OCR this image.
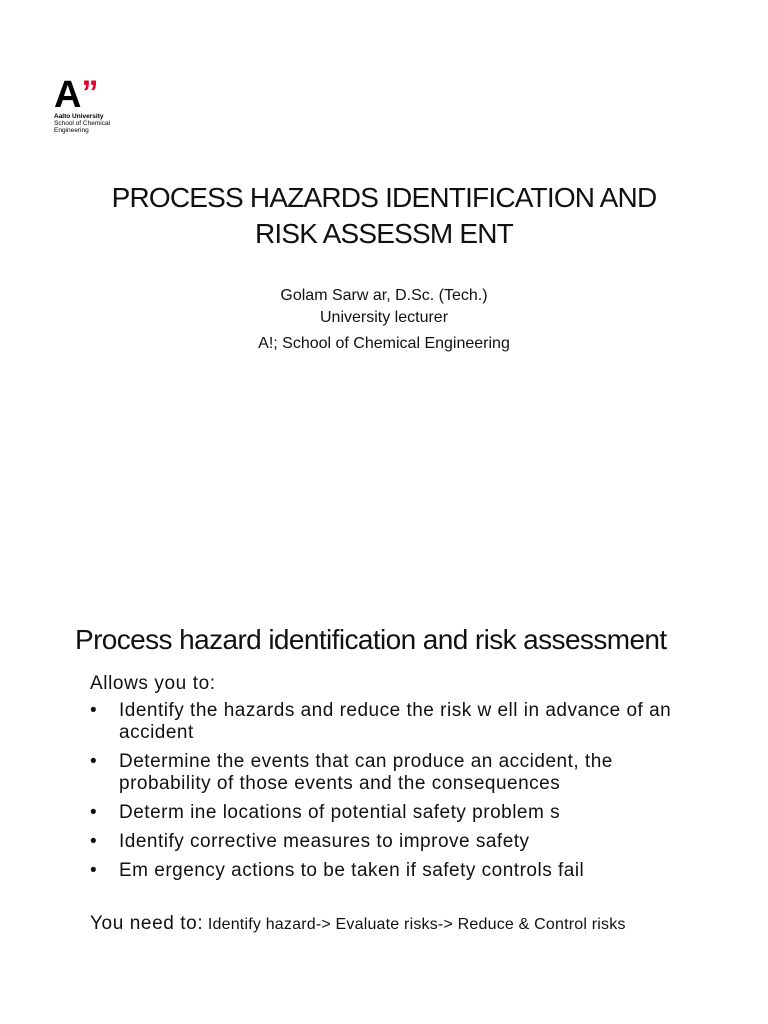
A”
Aalto University
School of Chemical
Engineering
PROCESS HAZARDS IDENTIFICATION AND
RISK ASSESSM ENT
Golam Sarw ar, D.Sc. (Tech.)
University lecturer
A!; School of Chemical Engineering
Process hazard identification and risk assessment
Allows you to:
• Identify the hazards and reduce the risk w ell in advance of an accident
• Determine the events that can produce an accident, the probability of those events and the consequences
• Determ ine locations of potential safety problem s
• Identify corrective measures to improve safety
• Em ergency actions to be taken if safety controls fail
You need to: Identify hazard-> Evaluate risks-> Reduce & Control risks
